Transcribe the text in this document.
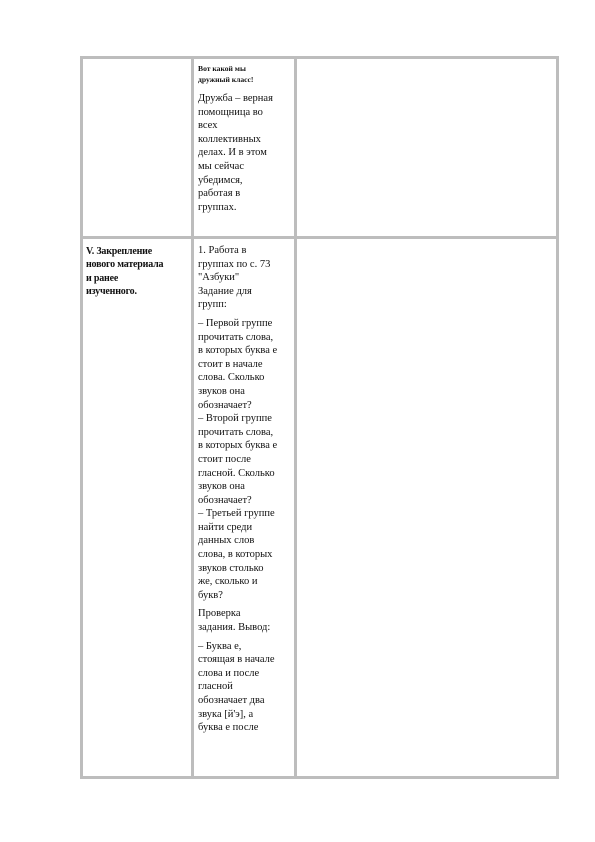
Вот какой мы
дружный класс!

Дружба – верная
помощница во
всех
коллективных
делах. И в этом
мы сейчас
убедимся,
работая в
группах.

V. Закрепление
нового материала
и ранее
изученного.

1. Работа в
группах по с. 73
"Азбуки"
Задание для
групп:

– Первой группе
прочитать слова,
в которых буква е
стоит в начале
слова. Сколько
звуков она
обозначает?
– Второй группе
прочитать слова,
в которых буква е
стоит после
гласной. Сколько
звуков она
обозначает?
– Третьей группе
найти среди
данных слов
слова, в которых
звуков столько
же, сколько и
букв?

Проверка
задания. Вывод:

– Буква е,
стоящая в начале
слова и после
гласной
обозначает два
звука [й'э], а
буква е после
